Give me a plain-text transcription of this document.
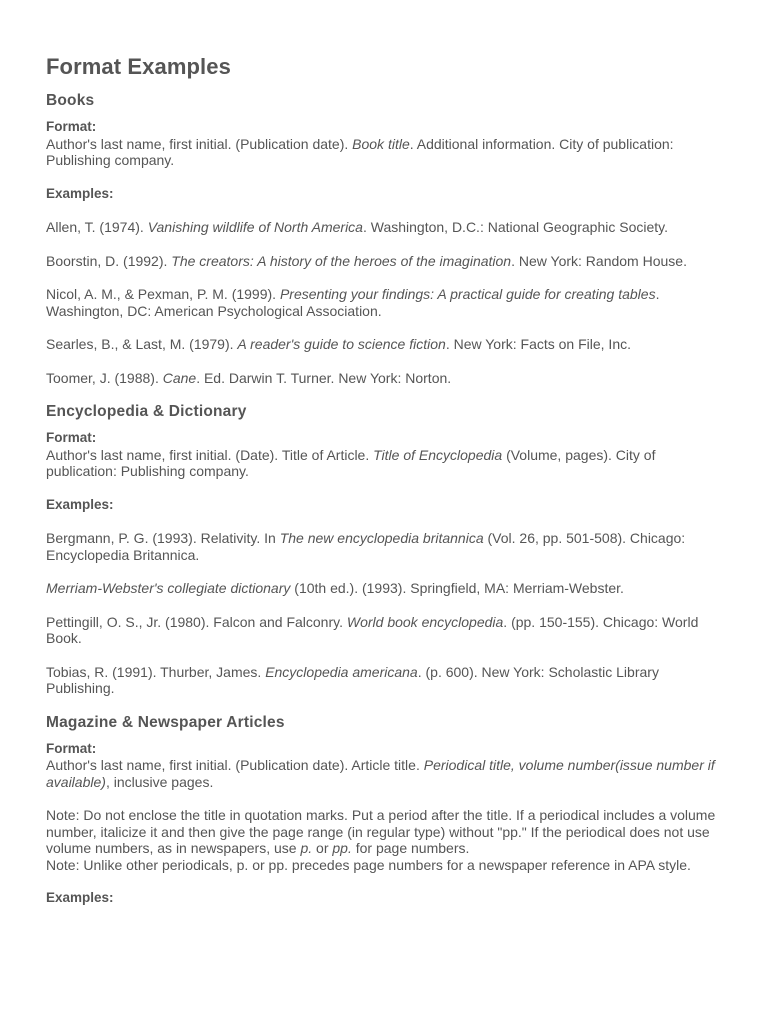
Format Examples
Books
Format:

Author's last name, first initial. (Publication date). Book title. Additional information. City of publication: Publishing company.

Examples:

Allen, T. (1974). Vanishing wildlife of North America. Washington, D.C.: National Geographic Society.

Boorstin, D. (1992). The creators: A history of the heroes of the imagination. New York: Random House.

Nicol, A. M., & Pexman, P. M. (1999). Presenting your findings: A practical guide for creating tables. Washington, DC: American Psychological Association.

Searles, B., & Last, M. (1979). A reader's guide to science fiction. New York: Facts on File, Inc.

Toomer, J. (1988). Cane. Ed. Darwin T. Turner. New York: Norton.

Encyclopedia & Dictionary
Format:

Author's last name, first initial. (Date). Title of Article. Title of Encyclopedia (Volume, pages). City of publication: Publishing company.

Examples:

Bergmann, P. G. (1993). Relativity. In The new encyclopedia britannica (Vol. 26, pp. 501-508). Chicago: Encyclopedia Britannica.

Merriam-Webster's collegiate dictionary (10th ed.). (1993). Springfield, MA: Merriam-Webster.

Pettingill, O. S., Jr. (1980). Falcon and Falconry. World book encyclopedia. (pp. 150-155). Chicago: World Book.

Tobias, R. (1991). Thurber, James. Encyclopedia americana. (p. 600). New York: Scholastic Library Publishing.

Magazine & Newspaper Articles
Format:

Author's last name, first initial. (Publication date). Article title. Periodical title, volume number(issue number if available), inclusive pages.

Note: Do not enclose the title in quotation marks. Put a period after the title. If a periodical includes a volume number, italicize it and then give the page range (in regular type) without "pp." If the periodical does not use volume numbers, as in newspapers, use p. or pp. for page numbers.

Note: Unlike other periodicals, p. or pp. precedes page numbers for a newspaper reference in APA style.

Examples:
